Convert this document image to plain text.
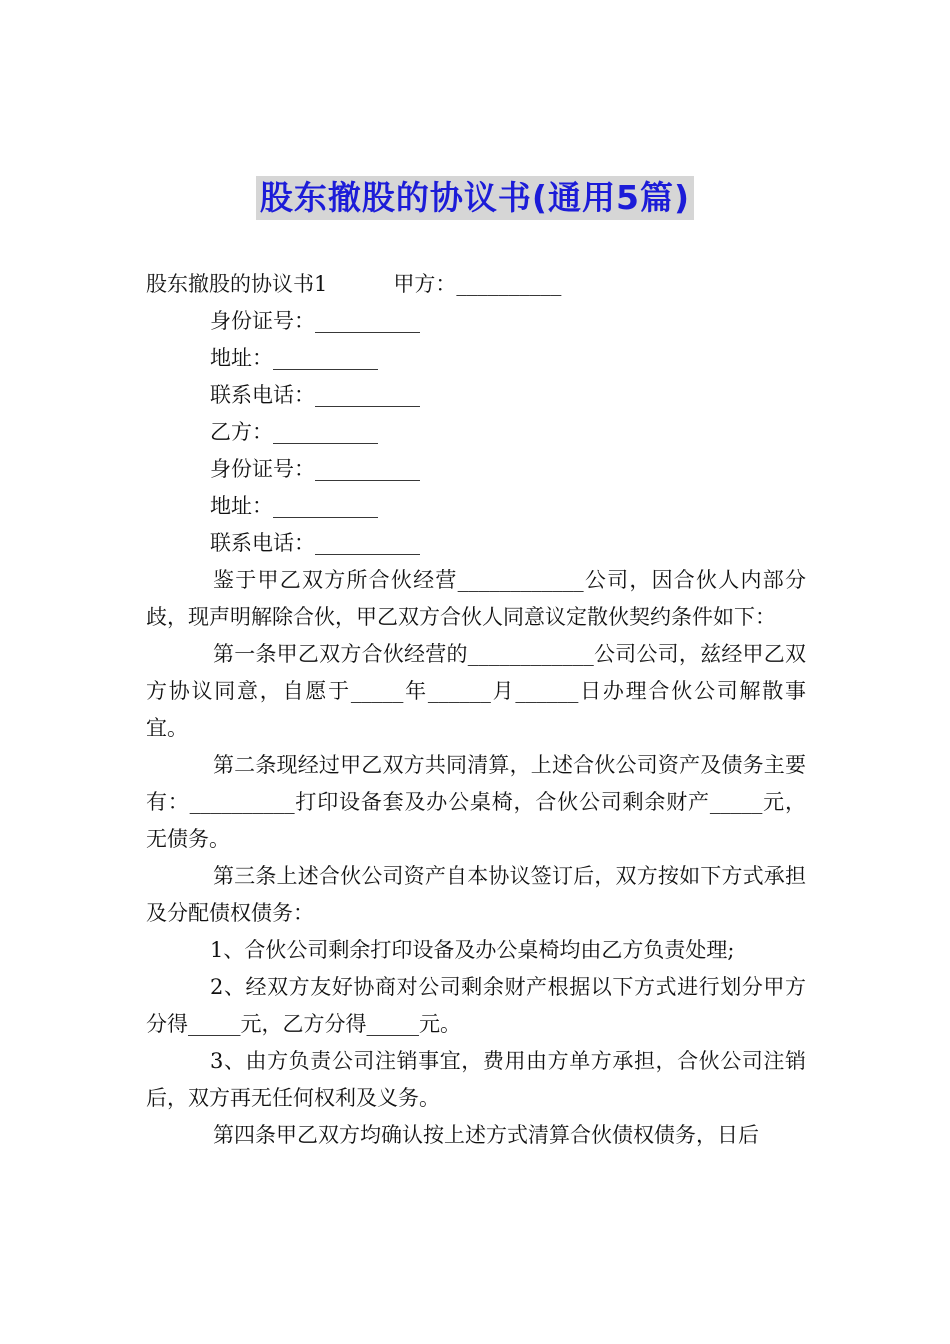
股东撤股的协议书(通用5篇)
股东撤股的协议书1	甲方：__________
身份证号：__________
地址：__________
联系电话：__________
乙方：__________
身份证号：__________
地址：__________
联系电话：__________

鉴于甲乙双方所合伙经营____________公司，因合伙人内部分歧，现声明解除合伙，甲乙双方合伙人同意议定散伙契约条件如下：

第一条甲乙双方合伙经营的____________公司公司，兹经甲乙双方协议同意，自愿于_____年______月______日办理合伙公司解散事宜。

第二条现经过甲乙双方共同清算，上述合伙公司资产及债务主要有：__________打印设备套及办公桌椅，合伙公司剩余财产_____元，无债务。

第三条上述合伙公司资产自本协议签订后，双方按如下方式承担及分配债权债务：

1、合伙公司剩余打印设备及办公桌椅均由乙方负责处理;

2、经双方友好协商对公司剩余财产根据以下方式进行划分甲方分得_____元，乙方分得_____元。

3、由方负责公司注销事宜，费用由方单方承担，合伙公司注销后，双方再无任何权利及义务。

第四条甲乙双方均确认按上述方式清算合伙债权债务，日后
